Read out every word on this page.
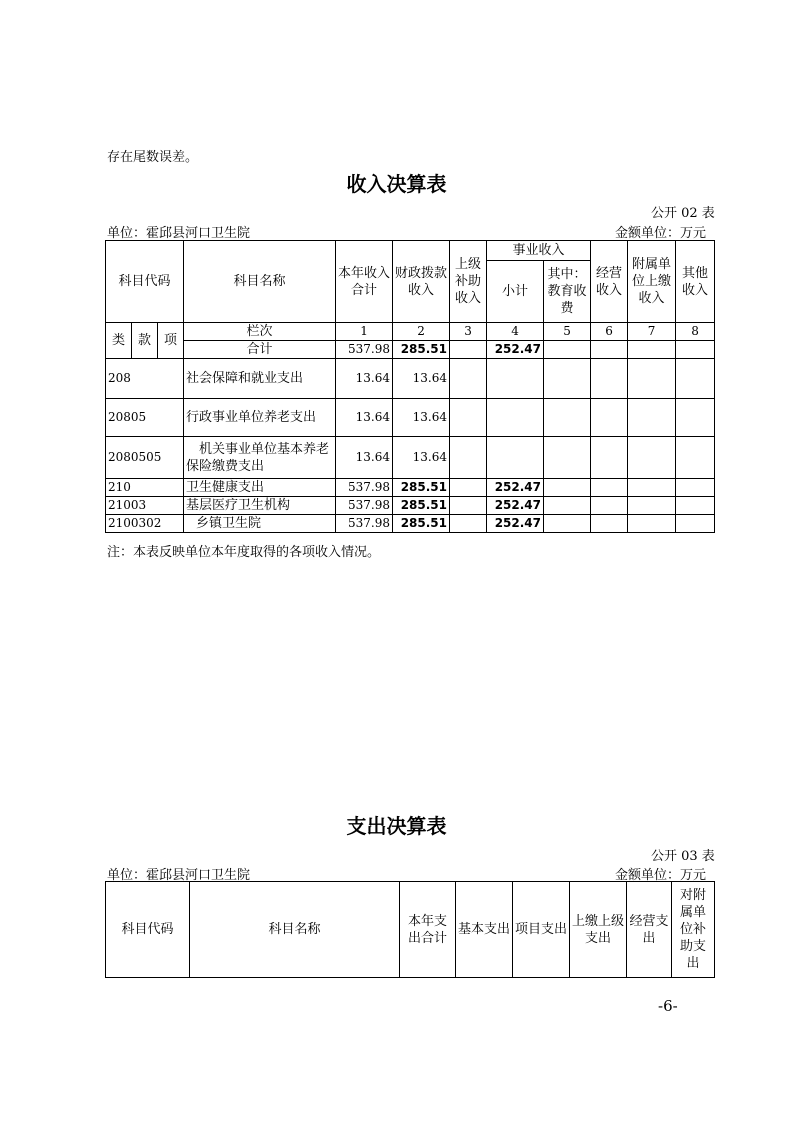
存在尾数误差。
收入决算表
公开 02 表
单位：霍邱县河口卫生院	金额单位：万元
科目代码			科目名称	本年收入合计	财政拨款收入	上级补助收入	事业收入		经营收入	附属单位上缴收入	其他收入
							小计	其中：教育收费			

类	款	项	栏次	1	2	3	4	5	6	7	8
			合计	537.98	285.51		252.47				
208			社会保障和就业支出	13.64	13.64						
20805			行政事业单位养老支出	13.64	13.64						
2080505			机关事业单位基本养老保险缴费支出	13.64	13.64						
210			卫生健康支出	537.98	285.51		252.47				
21003			基层医疗卫生机构	537.98	285.51		252.47				
2100302			乡镇卫生院	537.98	285.51		252.47				
注：本表反映单位本年度取得的各项收入情况。
支出决算表
公开 03 表
单位：霍邱县河口卫生院	金额单位：万元
科目代码	科目名称	本年支出合计	基本支出	项目支出	上缴上级支出	经营支出	对附属单位补助支出
-6-
